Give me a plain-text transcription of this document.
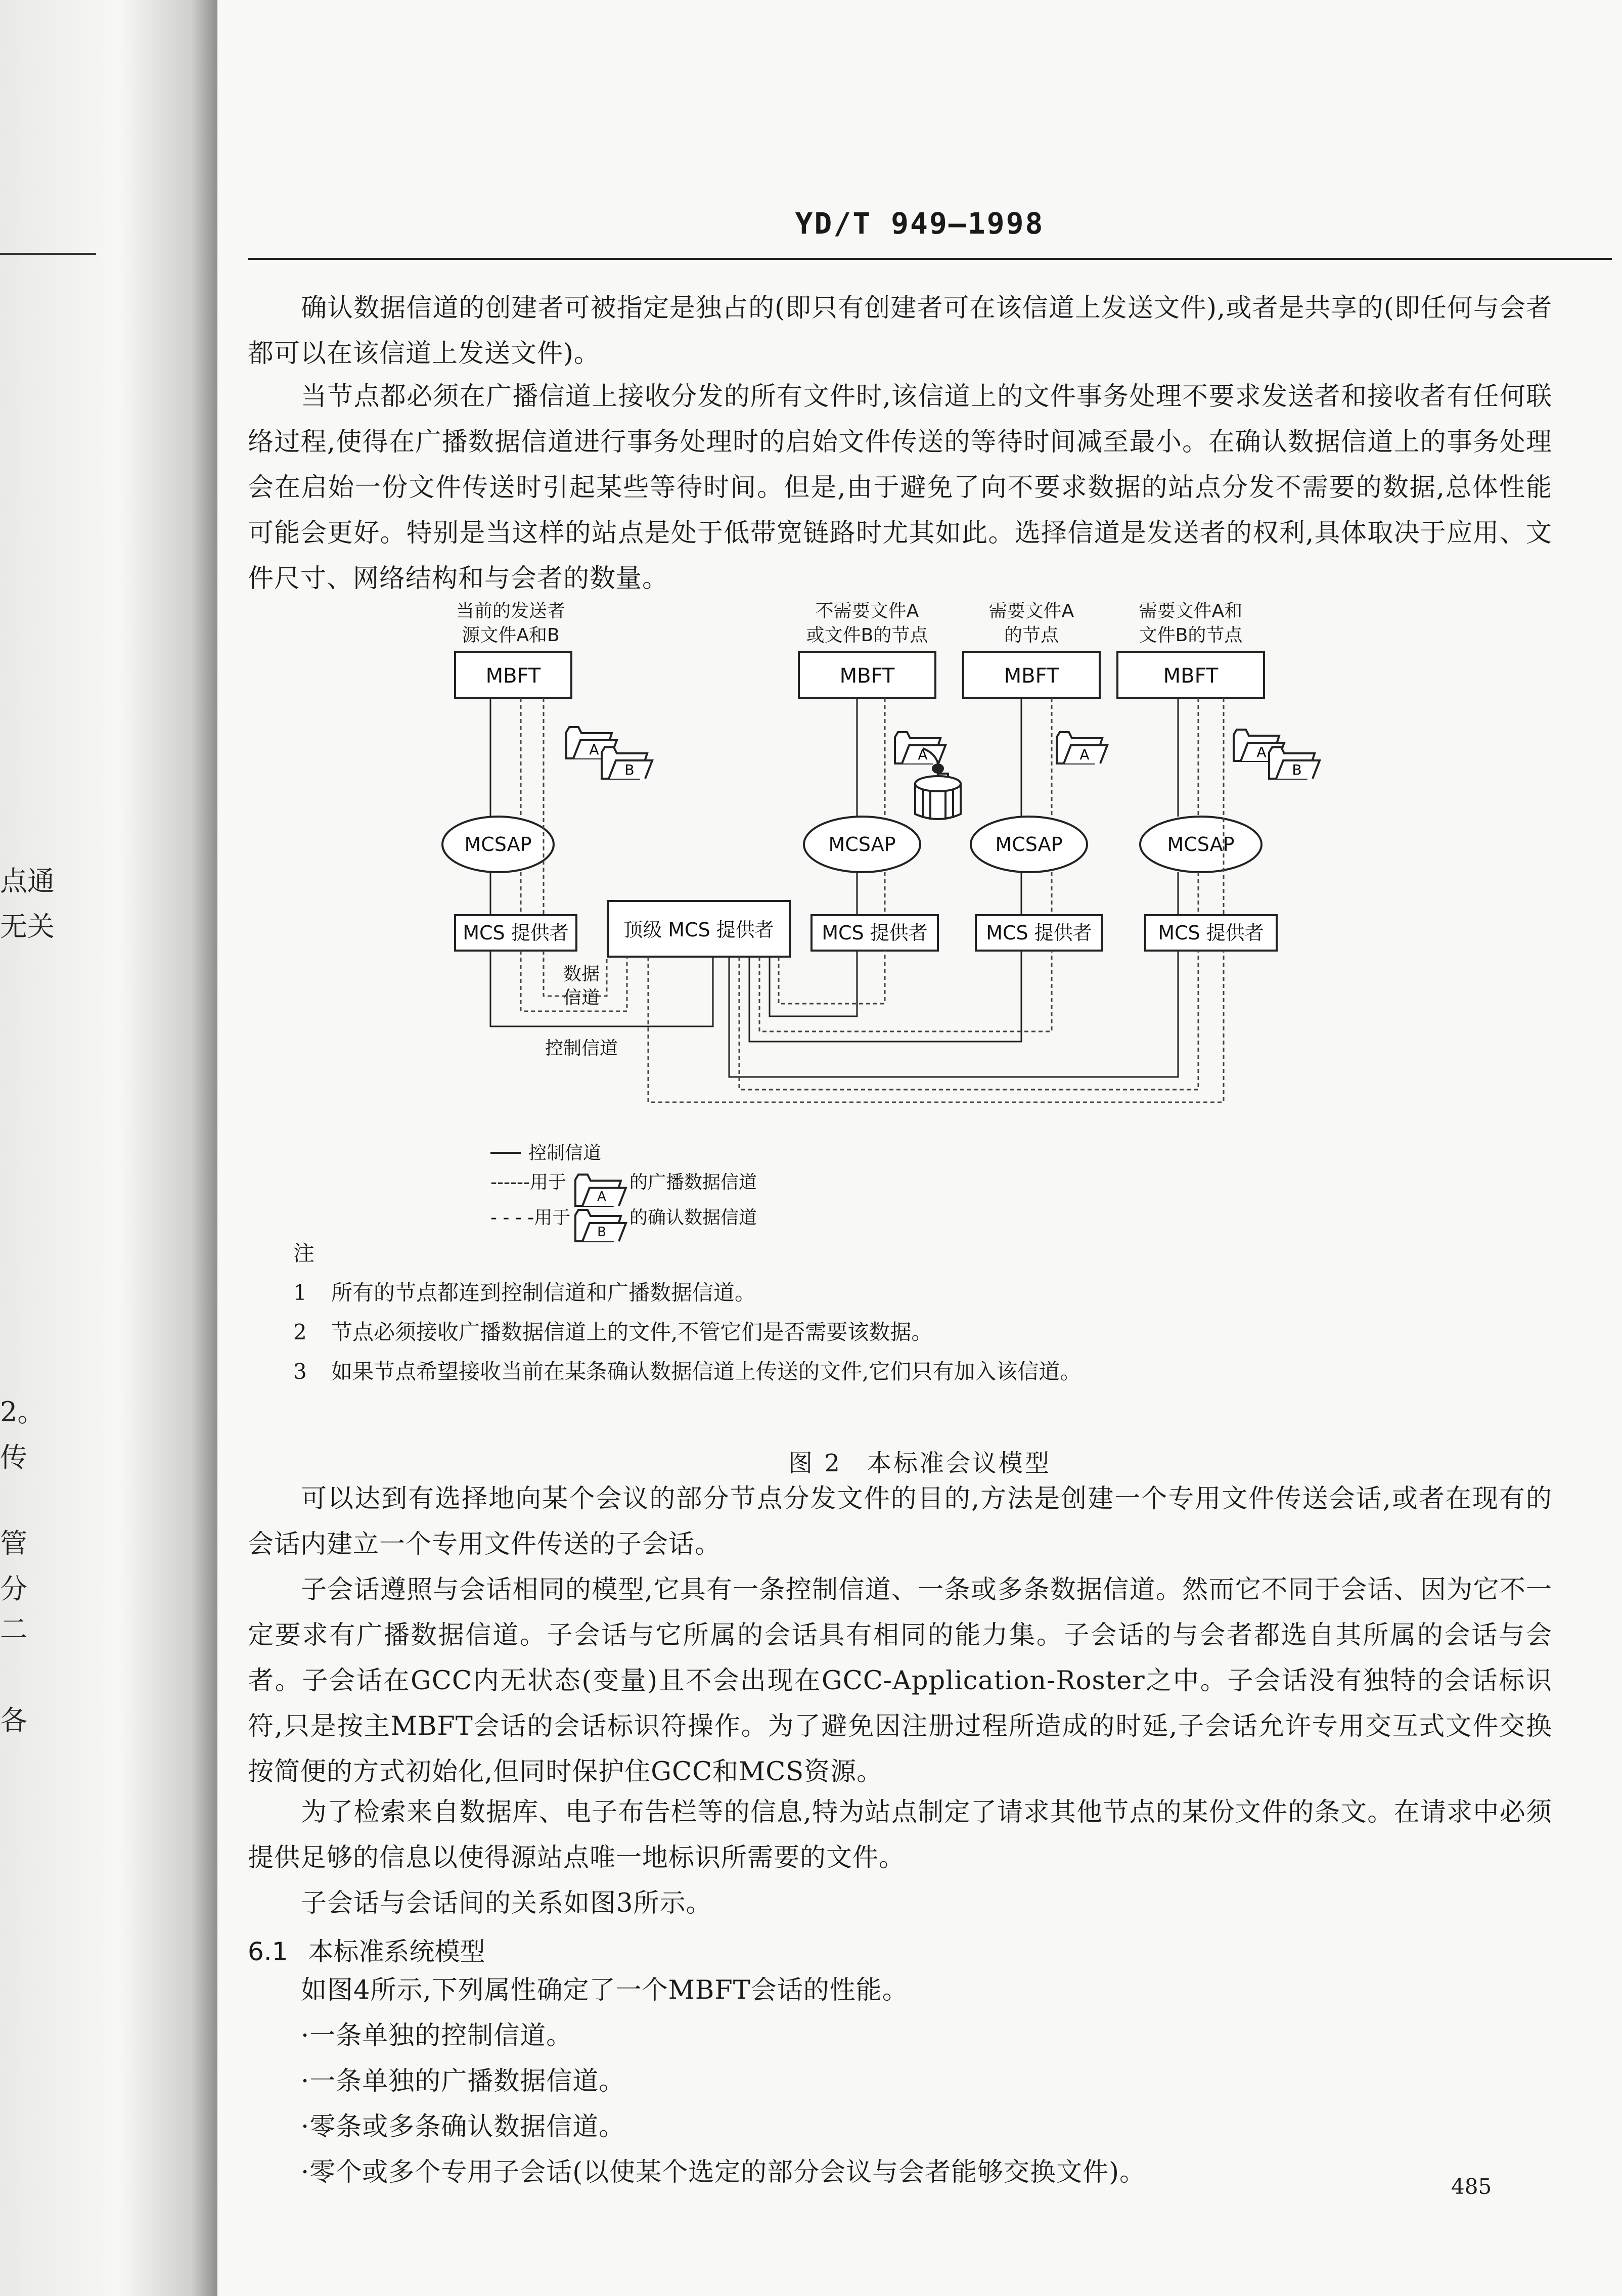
点通
无关
2。
传
管
分
二
各
YD/T 949—1998

确认数据信道的创建者可被指定是独占的(即只有创建者可在该信道上发送文件),或者是共享的(即任何与会者都可以在该信道上发送文件)。

当节点都必须在广播信道上接收分发的所有文件时,该信道上的文件事务处理不要求发送者和接收者有任何联络过程,使得在广播数据信道进行事务处理时的启始文件传送的等待时间减至最小。在确认数据信道上的事务处理会在启始一份文件传送时引起某些等待时间。但是,由于避免了向不要求数据的站点分发不需要的数据,总体性能可能会更好。特别是当这样的站点是处于低带宽链路时尤其如此。选择信道是发送者的权利,具体取决于应用、文件尺寸、网络结构和与会者的数量。

当前的发送者
源文件A和B
不需要文件A
或文件B的节点
需要文件A
的节点
需要文件A和
文件B的节点
MBFT	MBFT	MBFT	MBFT
MCSAP	MCSAP	MCSAP	MCSAP
MCS 提供者	MCS 提供者	MCS 提供者	MCS 提供者
顶级 MCS 提供者
数据
信道
控制信道
A
B
A	A	A
B
控制信道
------用于
A
的广播数据信道
- - - -用于
B
的确认数据信道
注
1 所有的节点都连到控制信道和广播数据信道。
2 节点必须接收广播数据信道上的文件,不管它们是否需要该数据。
3 如果节点希望接收当前在某条确认数据信道上传送的文件,它们只有加入该信道。
图 2 本标准会议模型

可以达到有选择地向某个会议的部分节点分发文件的目的,方法是创建一个专用文件传送会话,或者在现有的会话内建立一个专用文件传送的子会话。

子会话遵照与会话相同的模型,它具有一条控制信道、一条或多条数据信道。然而它不同于会话、因为它不一定要求有广播数据信道。子会话与它所属的会话具有相同的能力集。子会话的与会者都选自其所属的会话与会者。子会话在GCC内无状态(变量)且不会出现在GCC-Application-Roster之中。子会话没有独特的会话标识符,只是按主MBFT会话的会话标识符操作。为了避免因注册过程所造成的时延,子会话允许专用交互式文件交换按简便的方式初始化,但同时保护住GCC和MCS资源。

为了检索来自数据库、电子布告栏等的信息,特为站点制定了请求其他节点的某份文件的条文。在请求中必须提供足够的信息以使得源站点唯一地标识所需要的文件。

子会话与会话间的关系如图3所示。

6.1 本标准系统模型

如图4所示,下列属性确定了一个MBFT会话的性能。

·一条单独的控制信道。
·一条单独的广播数据信道。
·零条或多条确认数据信道。
·零个或多个专用子会话(以使某个选定的部分会议与会者能够交换文件)。	485
